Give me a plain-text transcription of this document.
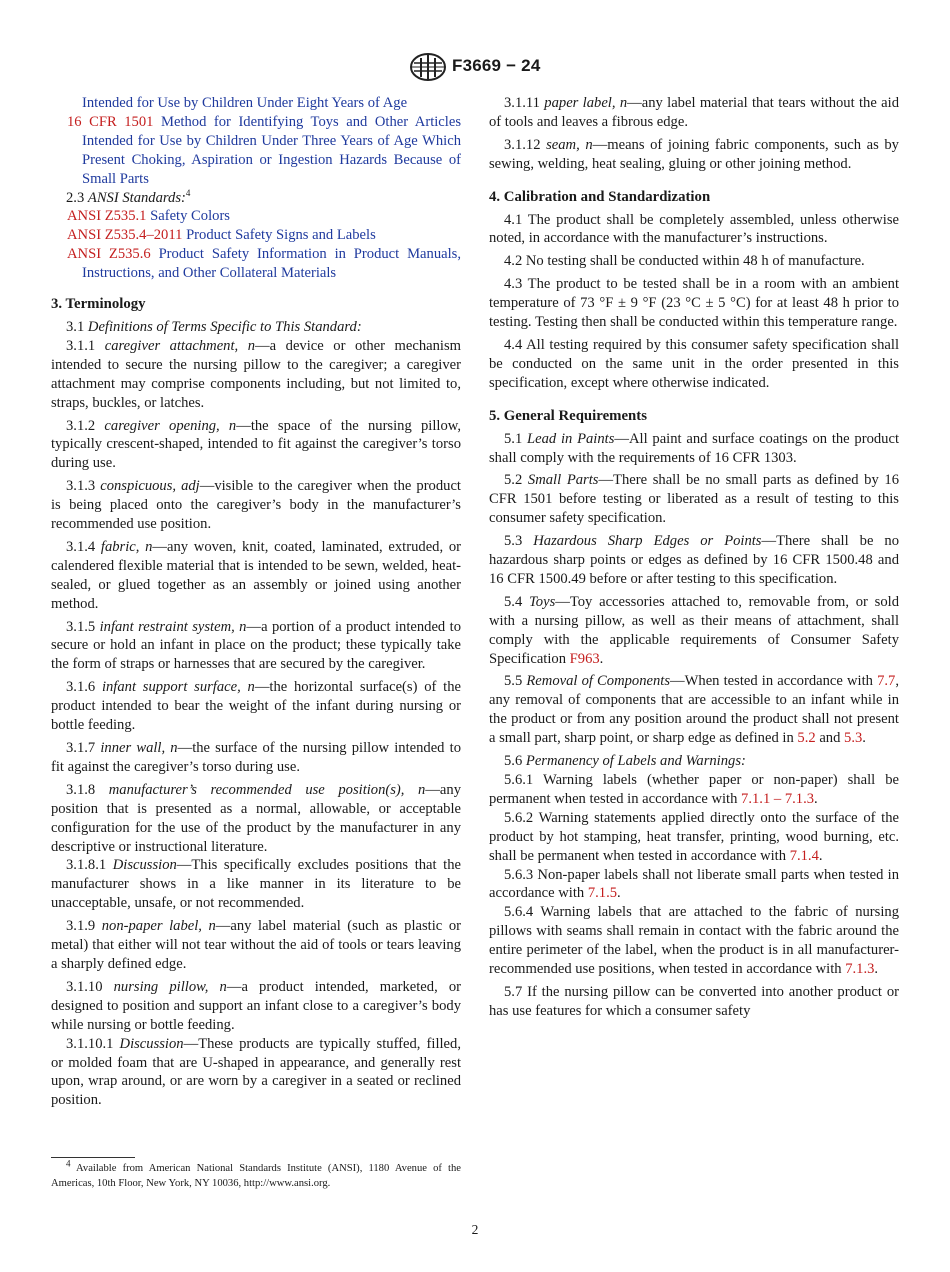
F3669 − 24

Intended for Use by Children Under Eight Years of Age

16 CFR 1501 Method for Identifying Toys and Other Articles Intended for Use by Children Under Three Years of Age Which Present Choking, Aspiration or Ingestion Hazards Because of Small Parts

2.3 ANSI Standards:$^4$

ANSI Z535.1 Safety Colors

ANSI Z535.4–2011 Product Safety Signs and Labels

ANSI Z535.6 Product Safety Information in Product Manuals, Instructions, and Other Collateral Materials

3. Terminology

3.1 Definitions of Terms Specific to This Standard:

3.1.1 caregiver attachment, n—a device or other mechanism intended to secure the nursing pillow to the caregiver; a caregiver attachment may comprise components including, but not limited to, straps, buckles, or latches.

3.1.2 caregiver opening, n—the space of the nursing pillow, typically crescent-shaped, intended to fit against the caregiver’s torso during use.

3.1.3 conspicuous, adj—visible to the caregiver when the product is being placed onto the caregiver’s body in the manufacturer’s recommended use position.

3.1.4 fabric, n—any woven, knit, coated, laminated, extruded, or calendered flexible material that is intended to be sewn, welded, heat-sealed, or glued together as an assembly or joined using another method.

3.1.5 infant restraint system, n—a portion of a product intended to secure or hold an infant in place on the product; these typically take the form of straps or harnesses that are secured by the caregiver.

3.1.6 infant support surface, n—the horizontal surface(s) of the product intended to bear the weight of the infant during nursing or bottle feeding.

3.1.7 inner wall, n—the surface of the nursing pillow intended to fit against the caregiver’s torso during use.

3.1.8 manufacturer’s recommended use position(s), n—any position that is presented as a normal, allowable, or acceptable configuration for the use of the product by the manufacturer in any descriptive or instructional literature.

3.1.8.1 Discussion—This specifically excludes positions that the manufacturer shows in a like manner in its literature to be unacceptable, unsafe, or not recommended.

3.1.9 non-paper label, n—any label material (such as plastic or metal) that either will not tear without the aid of tools or tears leaving a sharply defined edge.

3.1.10 nursing pillow, n—a product intended, marketed, or designed to position and support an infant close to a caregiver’s body while nursing or bottle feeding.

3.1.10.1 Discussion—These products are typically stuffed, filled, or molded foam that are U-shaped in appearance, and generally rest upon, wrap around, or are worn by a caregiver in a seated or reclined position.

3.1.11 paper label, n—any label material that tears without the aid of tools and leaves a fibrous edge.

3.1.12 seam, n—means of joining fabric components, such as by sewing, welding, heat sealing, gluing or other joining method.

4. Calibration and Standardization

4.1 The product shall be completely assembled, unless otherwise noted, in accordance with the manufacturer’s instructions.

4.2 No testing shall be conducted within 48 h of manufacture.

4.3 The product to be tested shall be in a room with an ambient temperature of 73 °F ± 9 °F (23 °C ± 5 °C) for at least 48 h prior to testing. Testing then shall be conducted within this temperature range.

4.4 All testing required by this consumer safety specification shall be conducted on the same unit in the order presented in this specification, except where otherwise indicated.

5. General Requirements

5.1 Lead in Paints—All paint and surface coatings on the product shall comply with the requirements of 16 CFR 1303.

5.2 Small Parts—There shall be no small parts as defined by 16 CFR 1501 before testing or liberated as a result of testing to this consumer safety specification.

5.3 Hazardous Sharp Edges or Points—There shall be no hazardous sharp points or edges as defined by 16 CFR 1500.48 and 16 CFR 1500.49 before or after testing to this specification.

5.4 Toys—Toy accessories attached to, removable from, or sold with a nursing pillow, as well as their means of attachment, shall comply with the applicable requirements of Consumer Safety Specification F963.

5.5 Removal of Components—When tested in accordance with 7.7, any removal of components that are accessible to an infant while in the product or from any position around the product shall not present a small part, sharp point, or sharp edge as defined in 5.2 and 5.3.

5.6 Permanency of Labels and Warnings:

5.6.1 Warning labels (whether paper or non-paper) shall be permanent when tested in accordance with 7.1.1 – 7.1.3.

5.6.2 Warning statements applied directly onto the surface of the product by hot stamping, heat transfer, printing, wood burning, etc. shall be permanent when tested in accordance with 7.1.4.

5.6.3 Non-paper labels shall not liberate small parts when tested in accordance with 7.1.5.

5.6.4 Warning labels that are attached to the fabric of nursing pillows with seams shall remain in contact with the fabric around the entire perimeter of the label, when the product is in all manufacturer-recommended use positions, when tested in accordance with 7.1.3.

5.7 If the nursing pillow can be converted into another product or has use features for which a consumer safety

$^4$ Available from American National Standards Institute (ANSI), 1180 Avenue of the Americas, 10th Floor, New York, NY 10036, http://www.ansi.org.
2
